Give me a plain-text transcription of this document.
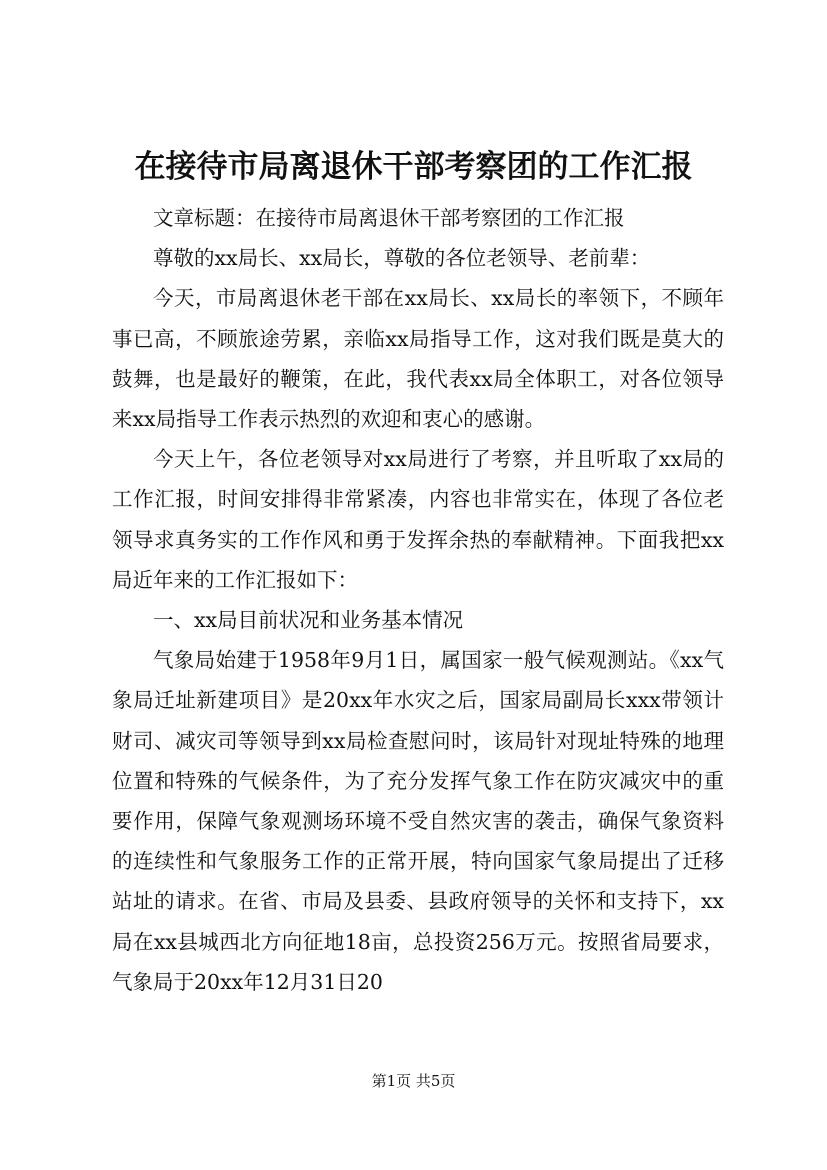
在接待市局离退休干部考察团的工作汇报

文章标题：在接待市局离退休干部考察团的工作汇报

尊敬的xx局长、xx局长，尊敬的各位老领导、老前辈：

今天，市局离退休老干部在xx局长、xx局长的率领下，不顾年事已高，不顾旅途劳累，亲临xx局指导工作，这对我们既是莫大的鼓舞，也是最好的鞭策，在此，我代表xx局全体职工，对各位领导来xx局指导工作表示热烈的欢迎和衷心的感谢。

今天上午，各位老领导对xx局进行了考察，并且听取了xx局的工作汇报，时间安排得非常紧凑，内容也非常实在，体现了各位老领导求真务实的工作作风和勇于发挥余热的奉献精神。下面我把xx局近年来的工作汇报如下：

一、xx局目前状况和业务基本情况

气象局始建于1958年9月1日，属国家一般气候观测站。《xx气象局迁址新建项目》是20xx年水灾之后，国家局副局长xxx带领计财司、减灾司等领导到xx局检查慰问时，该局针对现址特殊的地理位置和特殊的气候条件，为了充分发挥气象工作在防灾减灾中的重要作用，保障气象观测场环境不受自然灾害的袭击，确保气象资料的连续性和气象服务工作的正常开展，特向国家气象局提出了迁移站址的请求。在省、市局及县委、县政府领导的关怀和支持下，xx局在xx县城西北方向征地18亩，总投资256万元。按照省局要求，气象局于20xx年12月31日20

第1页 共5页
